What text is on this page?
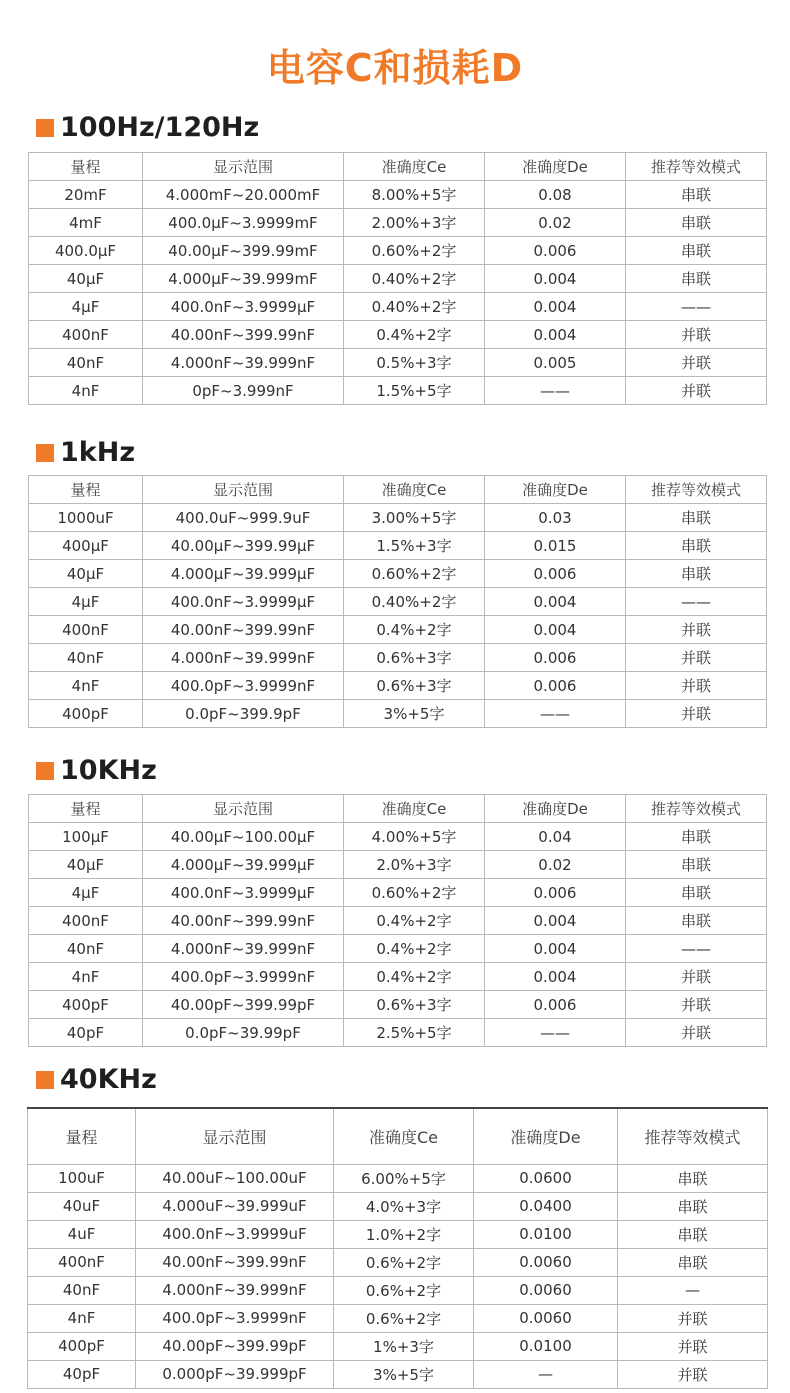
电容C和损耗D
100Hz/120Hz
量程	显示范围	准确度Ce	准确度De	推荐等效模式
20mF	4.000mF~20.000mF	8.00%+5字	0.08	串联
4mF	400.0µF~3.9999mF	2.00%+3字	0.02	串联
400.0µF	40.00µF~399.99mF	0.60%+2字	0.006	串联
40µF	4.000µF~39.999mF	0.40%+2字	0.004	串联
4µF	400.0nF~3.9999µF	0.40%+2字	0.004	——
400nF	40.00nF~399.99nF	0.4%+2字	0.004	并联
40nF	4.000nF~39.999nF	0.5%+3字	0.005	并联
4nF	0pF~3.999nF	1.5%+5字	——	并联
1kHz
量程	显示范围	准确度Ce	准确度De	推荐等效模式
1000uF	400.0uF~999.9uF	3.00%+5字	0.03	串联
400µF	40.00µF~399.99µF	1.5%+3字	0.015	串联
40µF	4.000µF~39.999µF	0.60%+2字	0.006	串联
4µF	400.0nF~3.9999µF	0.40%+2字	0.004	——
400nF	40.00nF~399.99nF	0.4%+2字	0.004	并联
40nF	4.000nF~39.999nF	0.6%+3字	0.006	并联
4nF	400.0pF~3.9999nF	0.6%+3字	0.006	并联
400pF	0.0pF~399.9pF	3%+5字	——	并联
10KHz
量程	显示范围	准确度Ce	准确度De	推荐等效模式
100µF	40.00µF~100.00µF	4.00%+5字	0.04	串联
40µF	4.000µF~39.999µF	2.0%+3字	0.02	串联
4µF	400.0nF~3.9999µF	0.60%+2字	0.006	串联
400nF	40.00nF~399.99nF	0.4%+2字	0.004	串联
40nF	4.000nF~39.999nF	0.4%+2字	0.004	——
4nF	400.0pF~3.9999nF	0.4%+2字	0.004	并联
400pF	40.00pF~399.99pF	0.6%+3字	0.006	并联
40pF	0.0pF~39.99pF	2.5%+5字	——	并联
40KHz
量程	显示范围	准确度Ce	准确度De	推荐等效模式
100uF	40.00uF~100.00uF	6.00%+5字	0.0600	串联
40uF	4.000uF~39.999uF	4.0%+3字	0.0400	串联
4uF	400.0nF~3.9999uF	1.0%+2字	0.0100	串联
400nF	40.00nF~399.99nF	0.6%+2字	0.0060	串联
40nF	4.000nF~39.999nF	0.6%+2字	0.0060	—
4nF	400.0pF~3.9999nF	0.6%+2字	0.0060	并联
400pF	40.00pF~399.99pF	1%+3字	0.0100	并联
40pF	0.000pF~39.999pF	3%+5字	—	并联
